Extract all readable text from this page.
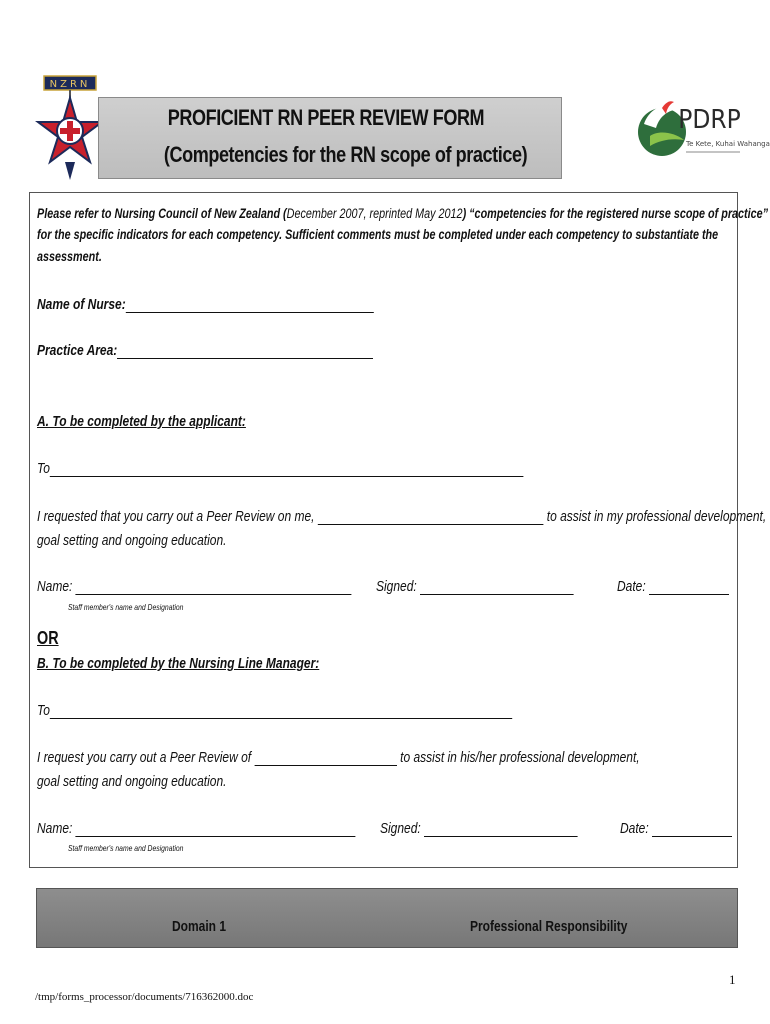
NZRN
PROFICIENT RN PEER REVIEW FORM
(Competencies for the RN scope of practice)
PDRP
Te Kete, Kuhai Wahanga
Please refer to Nursing Council of New Zealand (December 2007, reprinted May 2012) “competencies for the registered nurse scope of practice”
for the specific indicators for each competency. Sufficient comments must be completed under each competency to substantiate the
assessment.
Name of Nurse:
Practice Area:
A. To be completed by the applicant:
To
I requested that you carry out a Peer Review on me,	to assist in my professional development,
goal setting and ongoing education.
Name:	Signed:	Date:
Staff member's name and Designation
OR
B. To be completed by the Nursing Line Manager:
To
I request you carry out a Peer Review of	to assist in his/her professional development,
goal setting and ongoing education.
Name:	Signed:	Date:
Staff member's name and Designation
Domain 1	Professional Responsibility
1
/tmp/forms_processor/documents/716362000.doc
